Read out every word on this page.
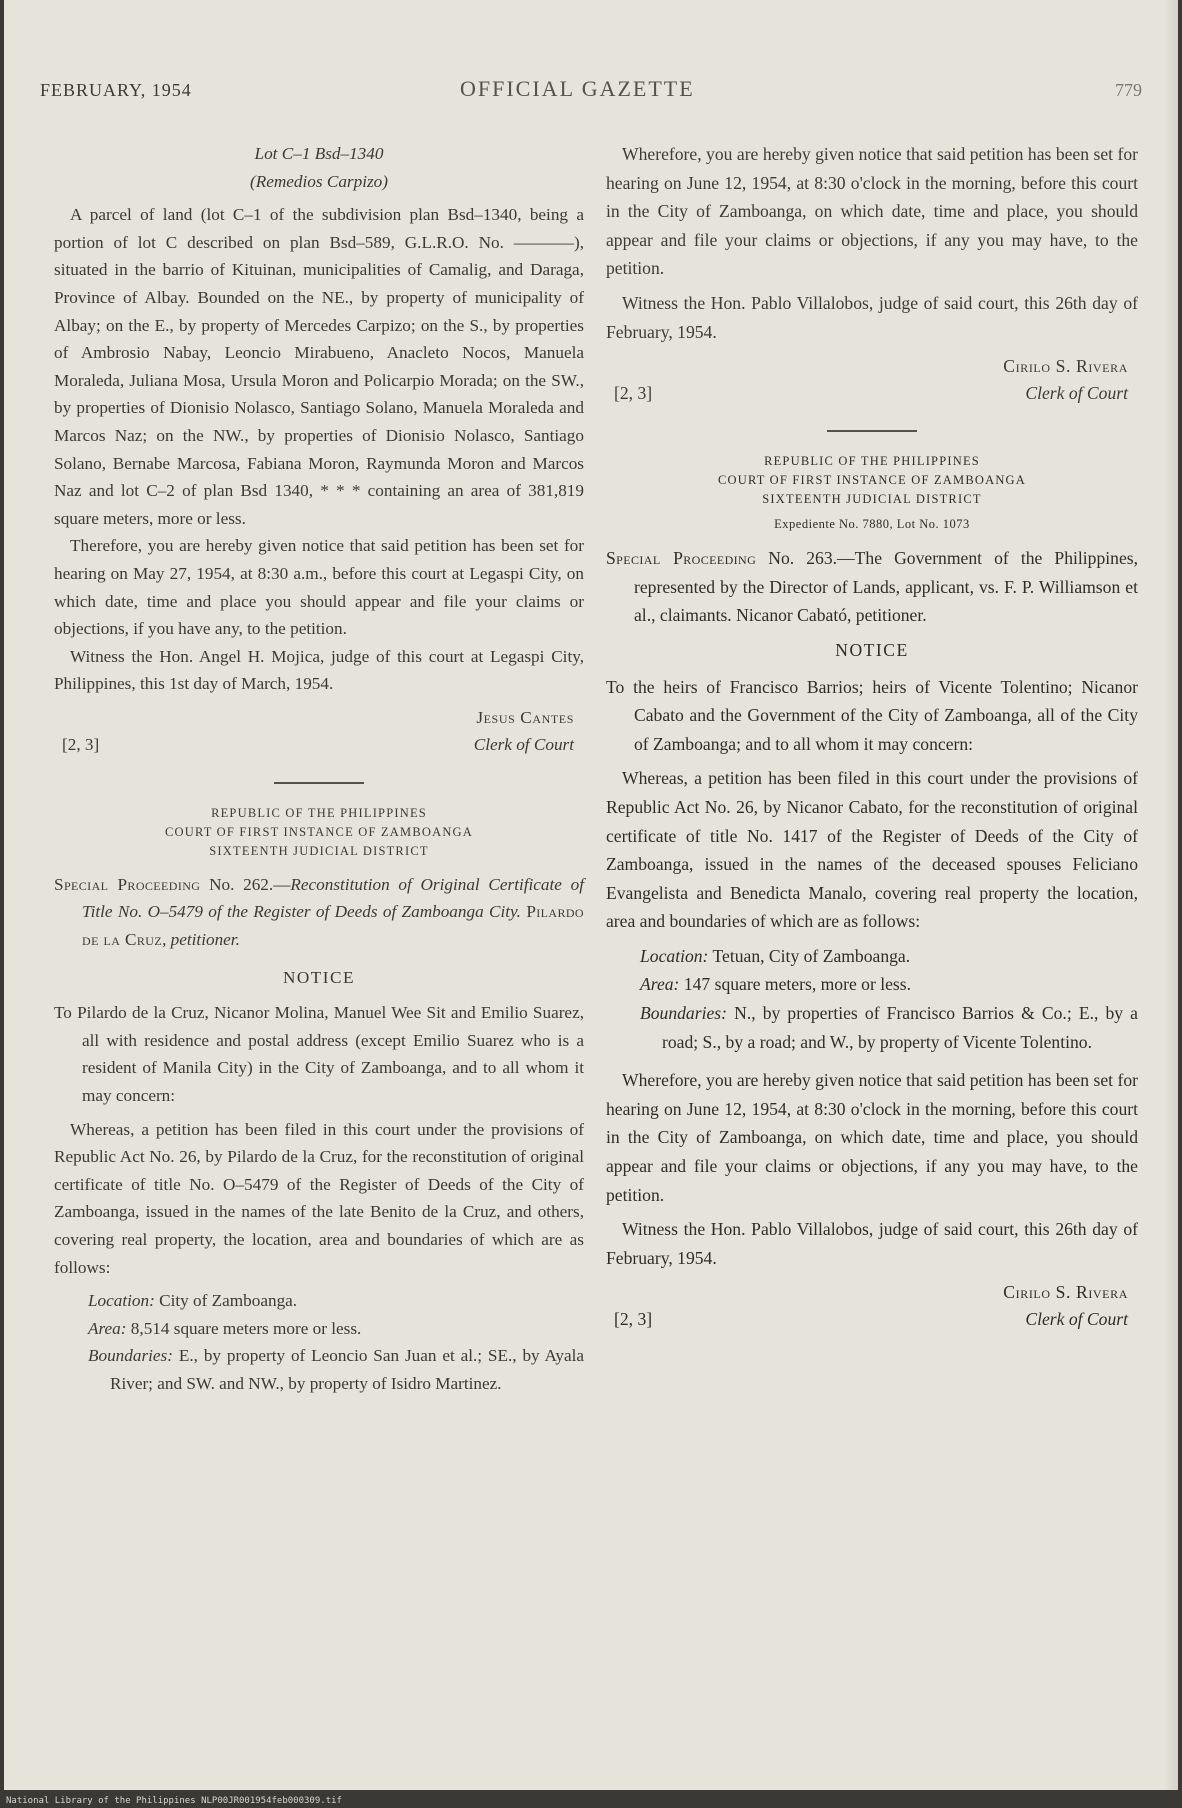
FEBRUARY, 1954	OFFICIAL GAZETTE	779

Lot C–1 Bsd–1340

(Remedios Carpizo)

A parcel of land (lot C–1 of the subdivision plan Bsd–1340, being a portion of lot C described on plan Bsd–589, G.L.R.O. No. ———–), situated in the barrio of Kituinan, municipalities of Camalig, and Daraga, Province of Albay. Bounded on the NE., by property of municipality of Albay; on the E., by property of Mercedes Carpizo; on the S., by properties of Ambrosio Nabay, Leoncio Mirabueno, Anacleto Nocos, Manuela Moraleda, Juliana Mosa, Ursula Moron and Policarpio Morada; on the SW., by properties of Dionisio Nolasco, Santiago Solano, Manuela Moraleda and Marcos Naz; on the NW., by properties of Dionisio Nolasco, Santiago Solano, Bernabe Marcosa, Fabiana Moron, Raymunda Moron and Marcos Naz and lot C–2 of plan Bsd 1340, * * * containing an area of 381,819 square meters, more or less.

Therefore, you are hereby given notice that said petition has been set for hearing on May 27, 1954, at 8:30 a.m., before this court at Legaspi City, on which date, time and place you should appear and file your claims or objections, if you have any, to the petition.

Witness the Hon. Angel H. Mojica, judge of this court at Legaspi City, Philippines, this 1st day of March, 1954.

Jesus Cantes
Clerk of Court
[2, 3]

REPUBLIC OF THE PHILIPPINES

COURT OF FIRST INSTANCE OF ZAMBOANGA

SIXTEENTH JUDICIAL DISTRICT

Special Proceeding No. 262.—Reconstitution of Original Certificate of Title No. O–5479 of the Register of Deeds of Zamboanga City. Pilardo de la Cruz, petitioner.

NOTICE

To Pilardo de la Cruz, Nicanor Molina, Manuel Wee Sit and Emilio Suarez, all with residence and postal address (except Emilio Suarez who is a resident of Manila City) in the City of Zamboanga, and to all whom it may concern:

Whereas, a petition has been filed in this court under the provisions of Republic Act No. 26, by Pilardo de la Cruz, for the reconstitution of original certificate of title No. O–5479 of the Register of Deeds of the City of Zamboanga, issued in the names of the late Benito de la Cruz, and others, covering real property, the location, area and boundaries of which are as follows:

Location: City of Zamboanga.

Area: 8,514 square meters more or less.

Boundaries: E., by property of Leoncio San Juan et al.; SE., by Ayala River; and SW. and NW., by property of Isidro Martinez.

Wherefore, you are hereby given notice that said petition has been set for hearing on June 12, 1954, at 8:30 o'clock in the morning, before this court in the City of Zamboanga, on which date, time and place, you should appear and file your claims or objections, if any you may have, to the petition.

Witness the Hon. Pablo Villalobos, judge of said court, this 26th day of February, 1954.

Cirilo S. Rivera
Clerk of Court
[2, 3]

REPUBLIC OF THE PHILIPPINES

COURT OF FIRST INSTANCE OF ZAMBOANGA

SIXTEENTH JUDICIAL DISTRICT

Expediente No. 7880, Lot No. 1073

Special Proceeding No. 263.—The Government of the Philippines, represented by the Director of Lands, applicant, vs. F. P. Williamson et al., claimants. Nicanor Cabató, petitioner.

NOTICE

To the heirs of Francisco Barrios; heirs of Vicente Tolentino; Nicanor Cabato and the Government of the City of Zamboanga, all of the City of Zamboanga; and to all whom it may concern:

Whereas, a petition has been filed in this court under the provisions of Republic Act No. 26, by Nicanor Cabato, for the reconstitution of original certificate of title No. 1417 of the Register of Deeds of the City of Zamboanga, issued in the names of the deceased spouses Feliciano Evangelista and Benedicta Manalo, covering real property the location, area and boundaries of which are as follows:

Location: Tetuan, City of Zamboanga.

Area: 147 square meters, more or less.

Boundaries: N., by properties of Francisco Barrios & Co.; E., by a road; S., by a road; and W., by property of Vicente Tolentino.

Wherefore, you are hereby given notice that said petition has been set for hearing on June 12, 1954, at 8:30 o'clock in the morning, before this court in the City of Zamboanga, on which date, time and place, you should appear and file your claims or objections, if any you may have, to the petition.

Witness the Hon. Pablo Villalobos, judge of said court, this 26th day of February, 1954.

Cirilo S. Rivera
Clerk of Court
[2, 3]
National Library of the Philippines NLP00JR001954feb000309.tif
